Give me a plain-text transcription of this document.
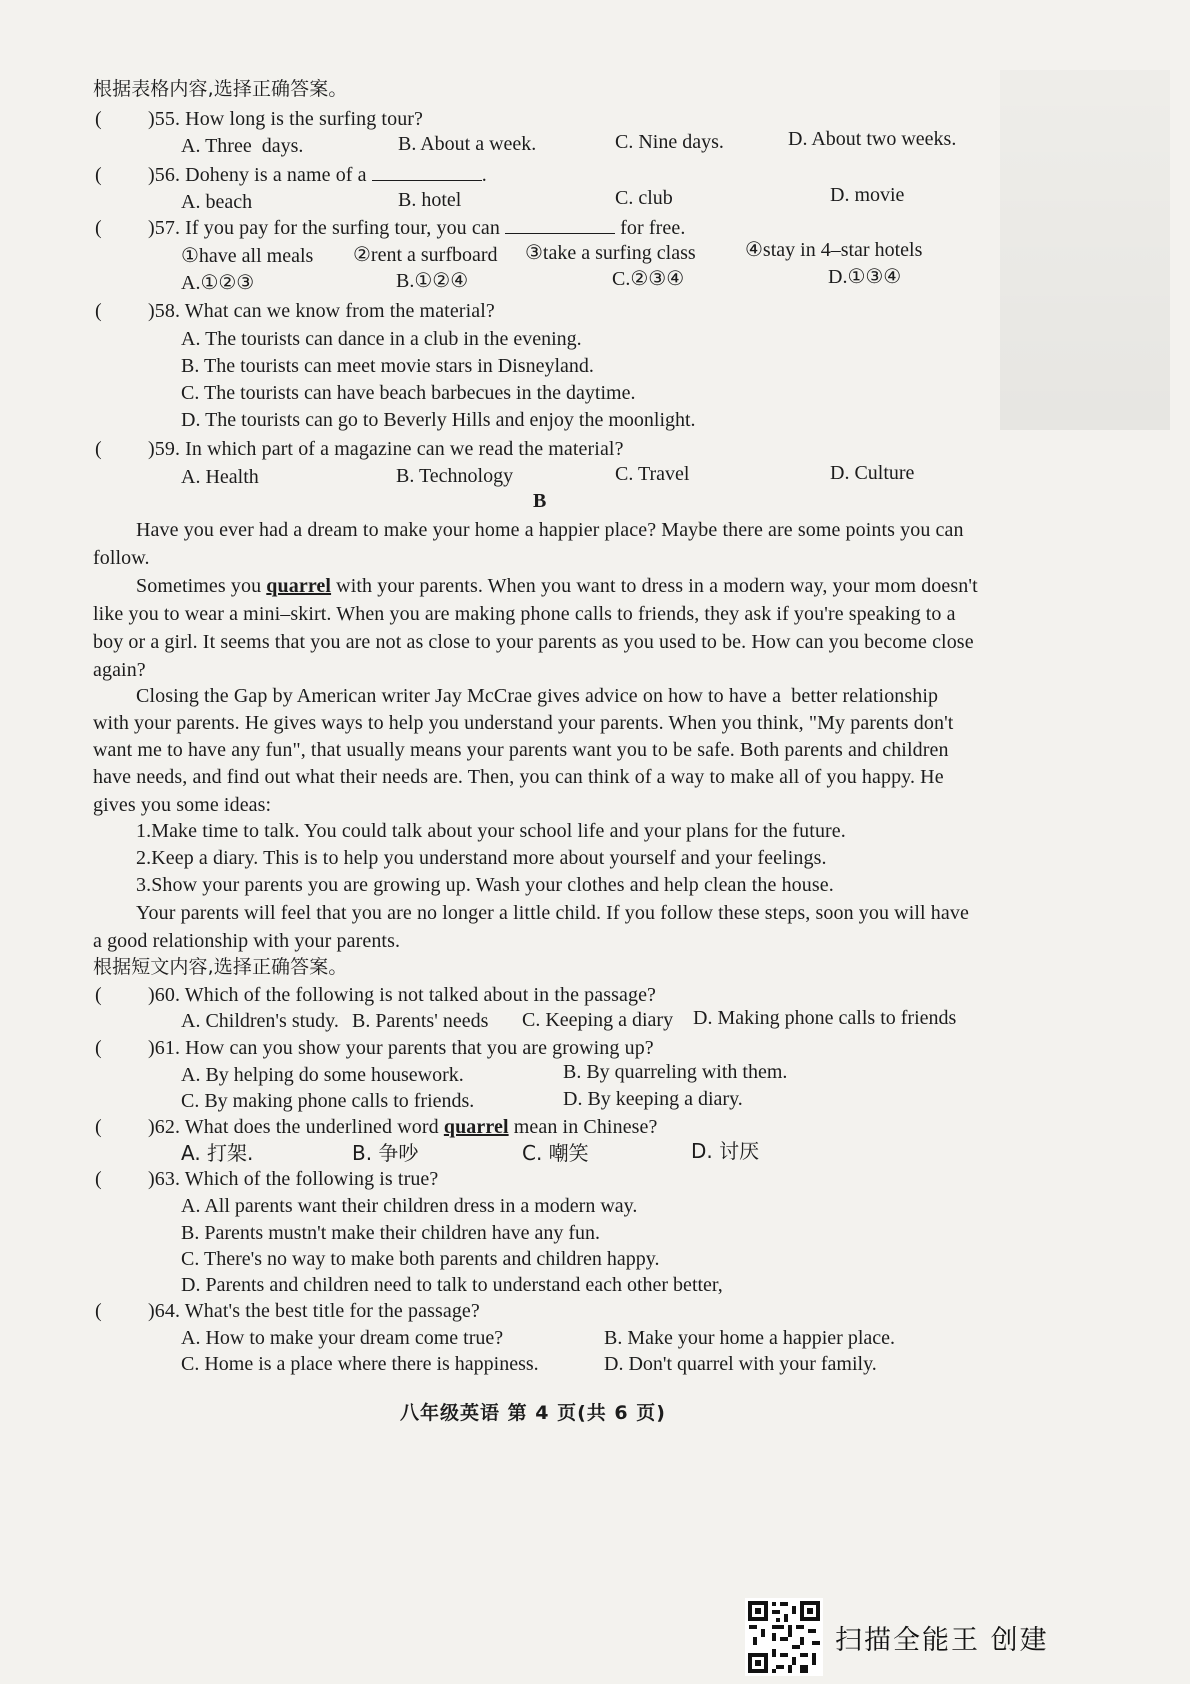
根据表格内容,选择正确答案。
( )55. How long is the surfing tour?
A. Three  days.	B. About a week.	C. Nine days.	D. About two weeks.
( )56. Doheny is a name of a	.
A. beach	B. hotel	C. club	D. movie
( )57. If you pay for the surfing tour, you can	for free.
①have all meals ②rent a surfboard ③take a surfing class ④stay in 4–star hotels
A.①②③	B.①②④	C.②③④	D.①③④
( )58. What can we know from the material?
A. The tourists can dance in a club in the evening.
B. The tourists can meet movie stars in Disneyland.
C. The tourists can have beach barbecues in the daytime.
D. The tourists can go to Beverly Hills and enjoy the moonlight.
( )59. In which part of a magazine can we read the material?
A. Health	B. Technology	C. Travel	D. Culture
B
Have you ever had a dream to make your home a happier place? Maybe there are some points you can
follow.
Sometimes you quarrel with your parents. When you want to dress in a modern way, your mom doesn't
like you to wear a mini–skirt. When you are making phone calls to friends, they ask if you're speaking to a
boy or a girl. It seems that you are not as close to your parents as you used to be. How can you become close
again?
Closing the Gap by American writer Jay McCrae gives advice on how to have a  better relationship
with your parents. He gives ways to help you understand your parents. When you think, "My parents don't
want me to have any fun", that usually means your parents want you to be safe. Both parents and children
have needs, and find out what their needs are. Then, you can think of a way to make all of you happy. He
gives you some ideas:
1.Make time to talk. You could talk about your school life and your plans for the future.
2.Keep a diary. This is to help you understand more about yourself and your feelings.
3.Show your parents you are growing up. Wash your clothes and help clean the house.
Your parents will feel that you are no longer a little child. If you follow these steps, soon you will have
a good relationship with your parents.
根据短文内容,选择正确答案。
( )60. Which of the following is not talked about in the passage?
A. Children's study. B. Parents' needs C. Keeping a diary D. Making phone calls to friends
( )61. How can you show your parents that you are growing up?
A. By helping do some housework.	B. By quarreling with them.
C. By making phone calls to friends.	D. By keeping a diary.
( )62. What does the underlined word quarrel mean in Chinese?
A. 打架.	B. 争吵	C. 嘲笑	D. 讨厌
( )63. Which of the following is true?
A. All parents want their children dress in a modern way.
B. Parents mustn't make their children have any fun.
C. There's no way to make both parents and children happy.
D. Parents and children need to talk to understand each other better,
( )64. What's the best title for the passage?
A. How to make your dream come true?	B. Make your home a happier place.
C. Home is a place where there is happiness.	D. Don't quarrel with your family.
八年级英语 第 4 页(共 6 页)
扫描全能王 创建
